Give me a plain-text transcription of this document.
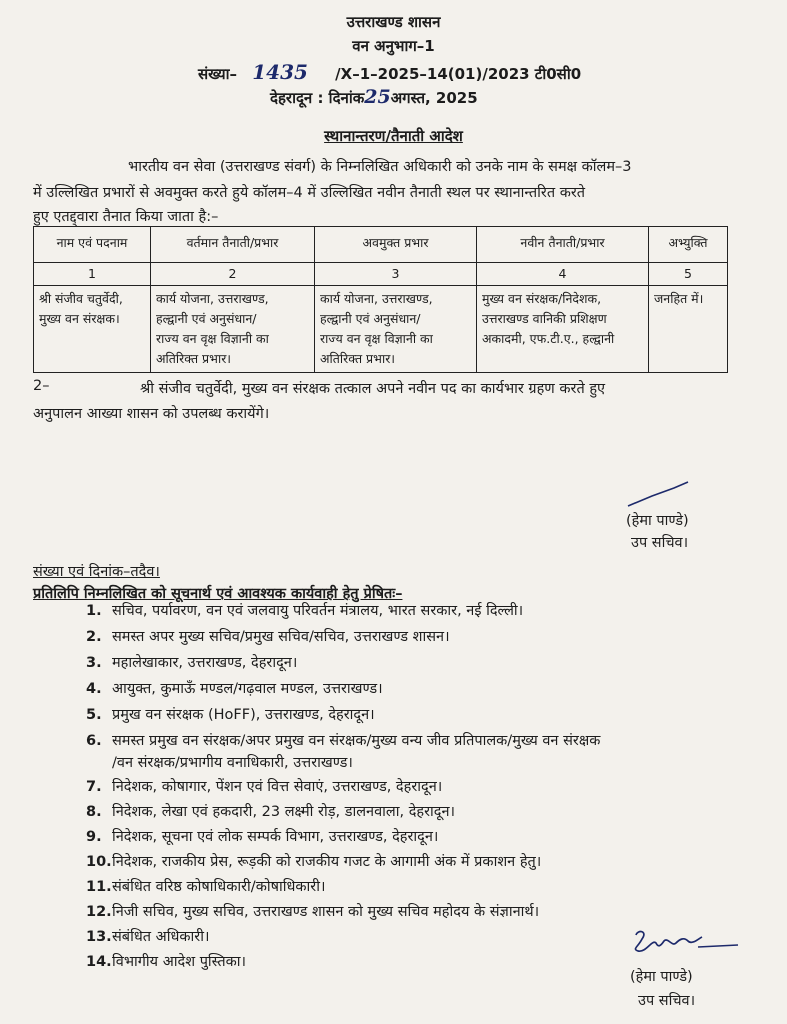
उत्तराखण्ड शासन
वन अनुभाग–1
संख्या– 1435 /X–1–2025–14(01)/2023 टी0सी0
देहरादून : दिनांक25अगस्त, 2025
स्थानान्तरण/तैनाती आदेश
भारतीय वन सेवा (उत्तराखण्ड संवर्ग) के निम्नलिखित अधिकारी को उनके नाम के समक्ष कॉलम–3
में उल्लिखित प्रभारों से अवमुक्त करते हुये कॉलम–4 में उल्लिखित नवीन तैनाती स्थल पर स्थानान्तरित करते
हुए एतद्द्वारा तैनात किया जाता है:–
नाम एवं पदनाम	वर्तमान तैनाती/प्रभार	अवमुक्त प्रभार	नवीन तैनाती/प्रभार	अभ्युक्ति
1	2	3	4	5

श्री संजीव चतुर्वेदी,
मुख्य वन संरक्षक।	कार्य योजना, उत्तराखण्ड,
हल्द्वानी एवं अनुसंधान/
राज्य वन वृक्ष विज्ञानी का
अतिरिक्त प्रभार।	कार्य योजना, उत्तराखण्ड,
हल्द्वानी एवं अनुसंधान/
राज्य वन वृक्ष विज्ञानी का
अतिरिक्त प्रभार।	मुख्य वन संरक्षक/निदेशक,
उत्तराखण्ड वानिकी प्रशिक्षण
अकादमी, एफ.टी.ए., हल्द्वानी	जनहित में।
2–	श्री संजीव चतुर्वेदी, मुख्य वन संरक्षक तत्काल अपने नवीन पद का कार्यभार ग्रहण करते हुए
अनुपालन आख्या शासन को उपलब्ध करायेंगे।
(हेमा पाण्डे)
उप सचिव।
संख्या एवं दिनांक–तदैव।
प्रतिलिपि निम्नलिखित को सूचनार्थ एवं आवश्यक कार्यवाही हेतु प्रेषितः–
1. सचिव, पर्यावरण, वन एवं जलवायु परिवर्तन मंत्रालय, भारत सरकार, नई दिल्ली।
2. समस्त अपर मुख्य सचिव/प्रमुख सचिव/सचिव, उत्तराखण्ड शासन।
3. महालेखाकार, उत्तराखण्ड, देहरादून।
4. आयुक्त, कुमाऊँ मण्डल/गढ़वाल मण्डल, उत्तराखण्ड।
5. प्रमुख वन संरक्षक (HoFF), उत्तराखण्ड, देहरादून।
6. समस्त प्रमुख वन संरक्षक/अपर प्रमुख वन संरक्षक/मुख्य वन्य जीव प्रतिपालक/मुख्य वन संरक्षक
/वन संरक्षक/प्रभागीय वनाधिकारी, उत्तराखण्ड।
7. निदेशक, कोषागार, पेंशन एवं वित्त सेवाएं, उत्तराखण्ड, देहरादून।
8. निदेशक, लेखा एवं हकदारी, 23 लक्ष्मी रोड़, डालनवाला, देहरादून।
9. निदेशक, सूचना एवं लोक सम्पर्क विभाग, उत्तराखण्ड, देहरादून।
10.निदेशक, राजकीय प्रेस, रूड़की को राजकीय गजट के आगामी अंक में प्रकाशन हेतु।
11.संबंधित वरिष्ठ कोषाधिकारी/कोषाधिकारी।
12.निजी सचिव, मुख्य सचिव, उत्तराखण्ड शासन को मुख्य सचिव महोदय के संज्ञानार्थ।
13.संबंधित अधिकारी।
14.विभागीय आदेश पुस्तिका।
(हेमा पाण्डे)
उप सचिव।
